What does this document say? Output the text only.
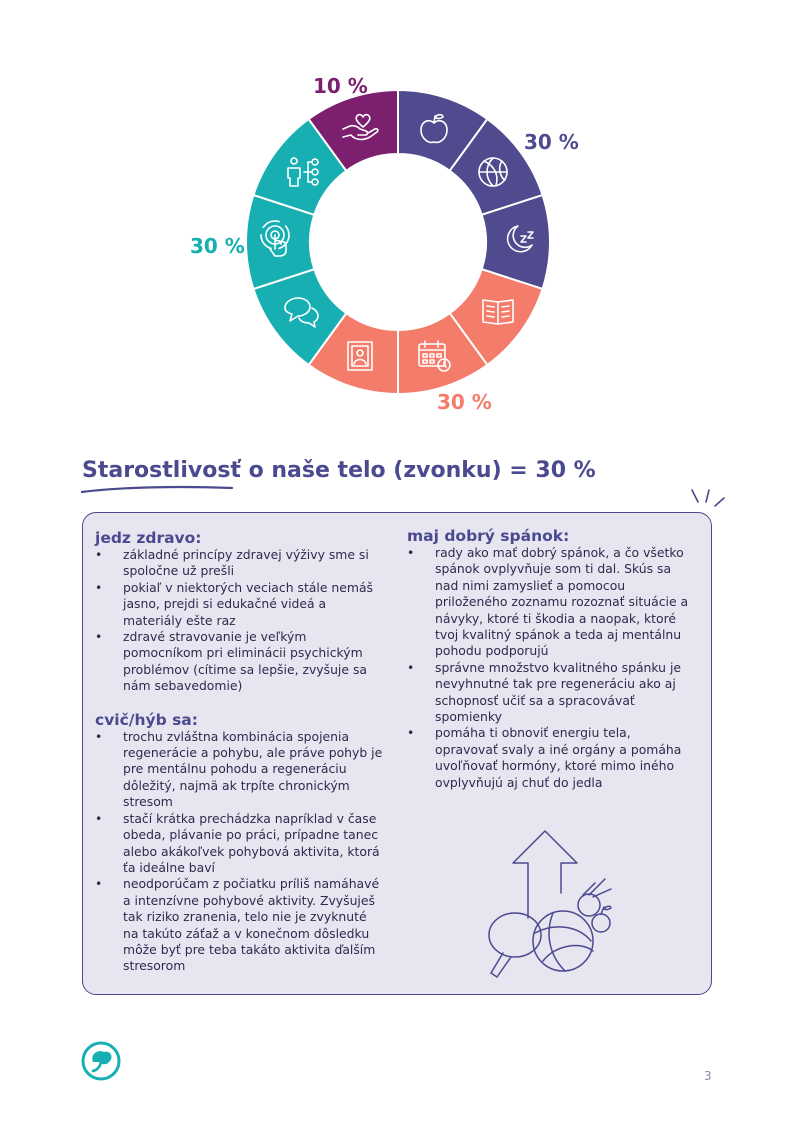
30 %
30 %
30 %
10 %
Starostlivosť o naše telo (zvonku) = 30 %
jedz zdravo:
• základné princípy zdravej výživy sme si spoločne už prešli
• pokiaľ v niektorých veciach stále nemáš jasno, prejdi si edukačné videá a materiály ešte raz
• zdravé stravovanie je veľkým pomocníkom pri eliminácii psychickým problémov (cítime sa lepšie, zvyšuje sa nám sebavedomie)
cvič/hýb sa:
• trochu zvláštna kombinácia spojenia regenerácie a pohybu, ale práve pohyb je pre mentálnu pohodu a regeneráciu dôležitý, najmä ak trpíte chronickým stresom
• stačí krátka prechádzka napríklad v čase obeda, plávanie po práci, prípadne tanec alebo akákoľvek pohybová aktivita, ktorá ťa ideálne baví
• neodporúčam z počiatku príliš namáhavé a intenzívne pohybové aktivity. Zvyšuješ tak riziko zranenia, telo nie je zvyknuté na takúto záťaž a v konečnom dôsledku môže byť pre teba takáto aktivita ďalším stresorom
maj dobrý spánok:
• rady ako mať dobrý spánok, a čo všetko spánok ovplyvňuje som ti dal. Skús sa nad nimi zamyslieť a pomocou priloženého zoznamu rozoznať situácie a návyky, ktoré ti škodia a naopak, ktoré tvoj kvalitný spánok a teda aj mentálnu pohodu podporujú
• správne množstvo kvalitného spánku je nevyhnutné tak pre regeneráciu ako aj schopnosť učiť sa a spracovávať spomienky
• pomáha ti obnoviť energiu tela, opravovať svaly a iné orgány a pomáha uvoľňovať hormóny, ktoré mimo iného ovplyvňujú aj chuť do jedla
3
